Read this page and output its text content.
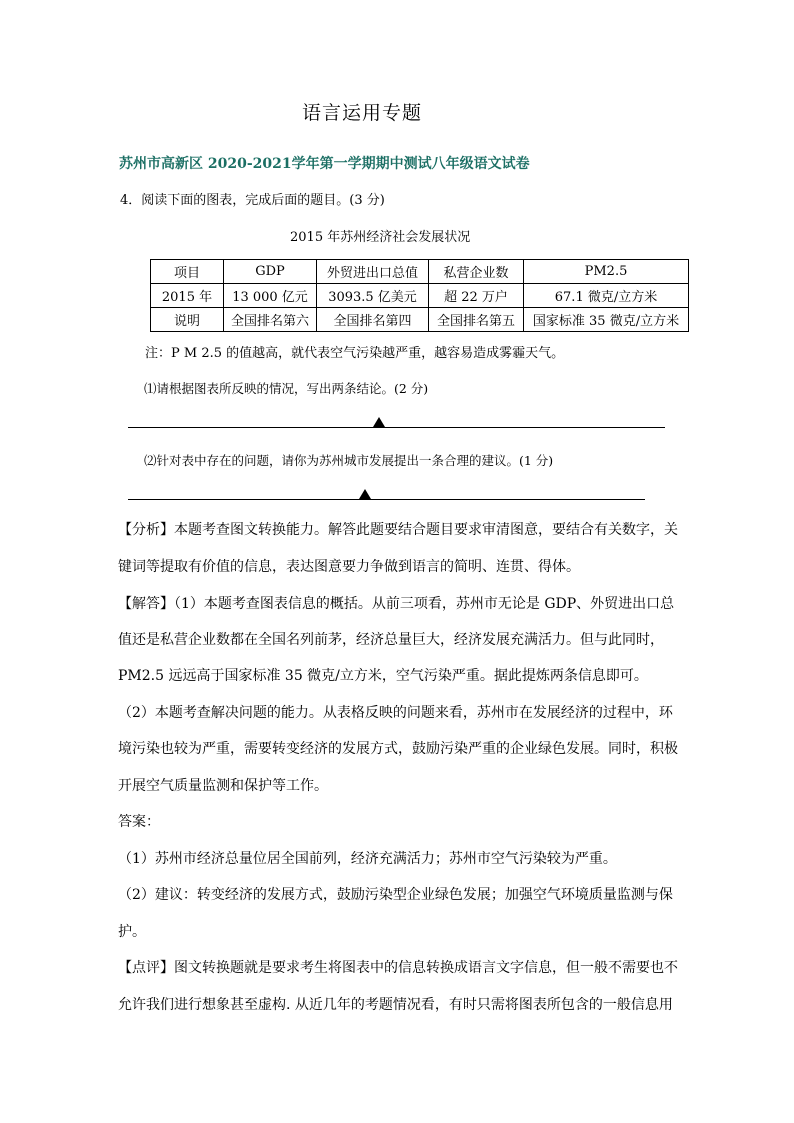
语言运用专题
苏州市高新区 2020-2021学年第一学期期中测试八年级语文试卷
4．阅读下面的图表，完成后面的题目。(3 分)
2015 年苏州经济社会发展状况
项目	GDP	外贸进出口总值	私营企业数	PM2.5
2015 年	13 000 亿元	3093.5 亿美元	超 22 万户	67.1 微克/立方米
说明	全国排名第六	全国排名第四	全国排名第五	国家标准 35 微克/立方米
注：P M 2.5 的值越高，就代表空气污染越严重，越容易造成雾霾天气。
⑴请根据图表所反映的情况，写出两条结论。(2 分)
⑵针对表中存在的问题，请你为苏州城市发展提出一条合理的建议。(1 分)
【分析】本题考查图文转换能力。解答此题要结合题目要求审清图意，要结合有关数字，关
键词等提取有价值的信息，表达图意要力争做到语言的简明、连贯、得体。
【解答】（1）本题考查图表信息的概括。从前三项看，苏州市无论是 GDP、外贸进出口总
值还是私营企业数都在全国名列前茅，经济总量巨大，经济发展充满活力。但与此同时，
PM2.5 远远高于国家标准 35 微克/立方米，空气污染严重。据此提炼两条信息即可。
（2）本题考查解决问题的能力。从表格反映的问题来看，苏州市在发展经济的过程中，环
境污染也较为严重，需要转变经济的发展方式，鼓励污染严重的企业绿色发展。同时，积极
开展空气质量监测和保护等工作。
答案：
（1）苏州市经济总量位居全国前列，经济充满活力；苏州市空气污染较为严重。
（2）建议：转变经济的发展方式，鼓励污染型企业绿色发展；加强空气环境质量监测与保
护。
【点评】图文转换题就是要求考生将图表中的信息转换成语言文字信息，但一般不需要也不
允许我们进行想象甚至虚构. 从近几年的考题情况看，有时只需将图表所包含的一般信息用
